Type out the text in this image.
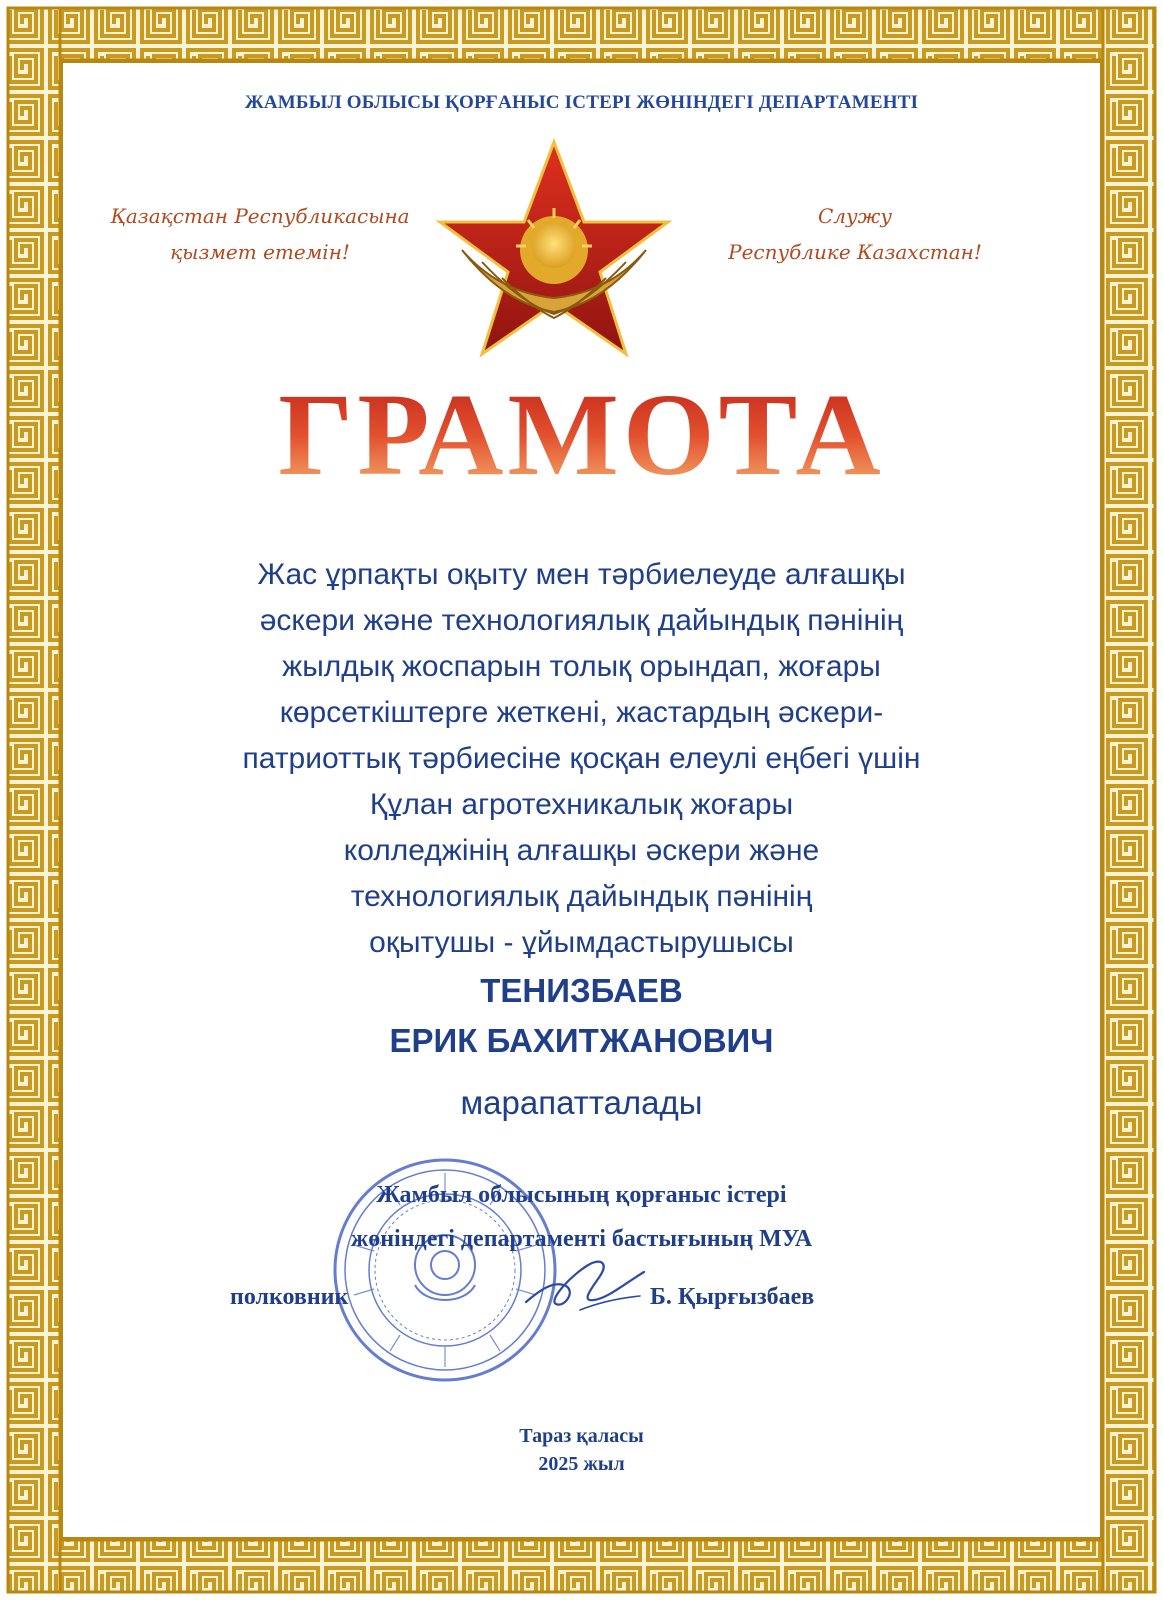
ЖАМБЫЛ ОБЛЫСЫ ҚОРҒАНЫС ІСТЕРІ ЖӨНІНДЕГІ ДЕПАРТАМЕНТІ
Қазақстан Республикасына
қызмет етемін!
Служу
Республике Казахстан!
ГРАМОТА
Жас ұрпақты оқыту мен тәрбиелеуде алғашқы
әскери және технологиялық дайындық пәнінің
жылдық жоспарын толық орындап, жоғары
көрсеткіштерге жеткені, жастардың әскери-
патриоттық тәрбиесіне қосқан елеулі еңбегі үшін
Құлан агротехникалық жоғары
колледжінің алғашқы әскери және
технологиялық дайындық пәнінің
оқытушы - ұйымдастырушысы
ТЕНИЗБАЕВ
ЕРИК БАХИТЖАНОВИЧ
марапатталады
Жамбыл облысының қорғаныс істері
жөніндегі департаменті бастығының МУА
полковник	Б. Қырғызбаев
Тараз қаласы
2025 жыл
